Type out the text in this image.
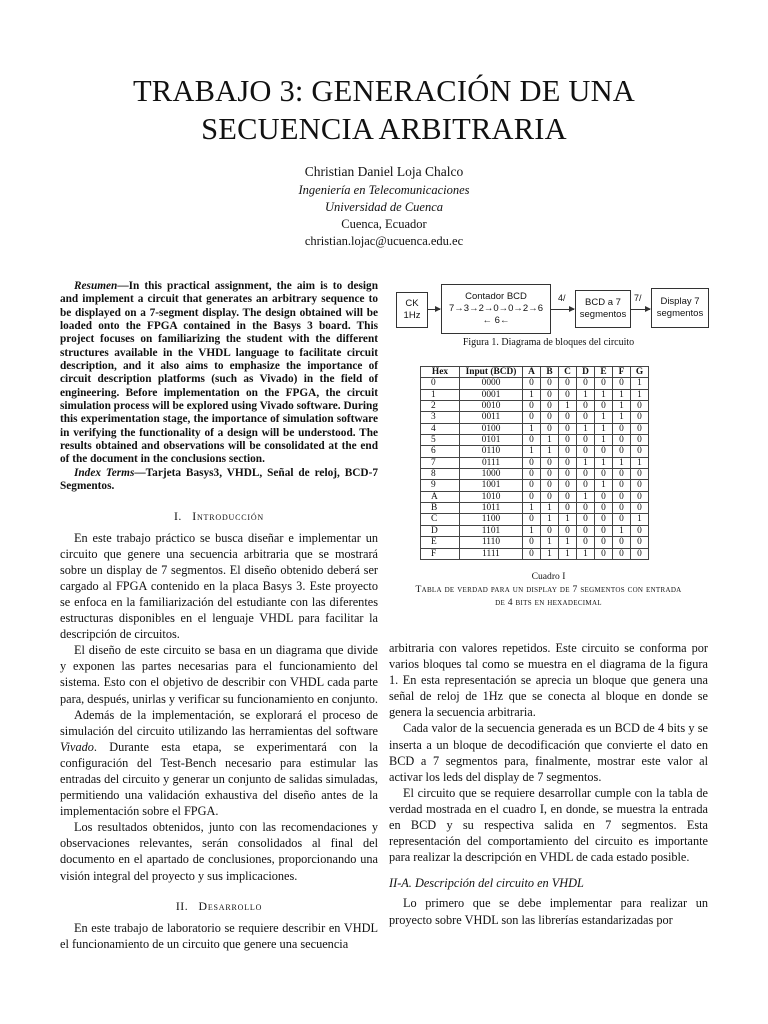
TRABAJO 3: GENERACIÓN DE UNA
SECUENCIA ARBITRARIA
Christian Daniel Loja Chalco
Ingeniería en Telecomunicaciones
Universidad de Cuenca
Cuenca, Ecuador
christian.lojac@ucuenca.edu.ec

Resumen—In this practical assignment, the aim is to design and implement a circuit that generates an arbitrary sequence to be displayed on a 7-segment display. The design obtained will be loaded onto the FPGA contained in the Basys 3 board. This project focuses on familiarizing the student with the different structures available in the VHDL language to facilitate circuit description, and it also aims to emphasize the importance of circuit description platforms (such as Vivado) in the field of engineering. Before implementation on the FPGA, the circuit simulation process will be explored using Vivado software. During this experimentation stage, the importance of simulation software in verifying the functionality of a design will be understood. The results obtained and observations will be consolidated at the end of the document in the conclusions section.

Index Terms—Tarjeta Basys3, VHDL, Señal de reloj, BCD-7 Segmentos.

I. Introducción

En este trabajo práctico se busca diseñar e implementar un circuito que genere una secuencia arbitraria que se mostrará sobre un display de 7 segmentos. El diseño obtenido deberá ser cargado al FPGA contenido en la placa Basys 3. Este proyecto se enfoca en la familiarización del estudiante con las diferentes estructuras disponibles en el lenguaje VHDL para facilitar la descripción de circuitos.

El diseño de este circuito se basa en un diagrama que divide y exponen las partes necesarias para el funcionamiento del sistema. Esto con el objetivo de describir con VHDL cada parte para, después, unirlas y verificar su funcionamiento en conjunto.

Además de la implementación, se explorará el proceso de simulación del circuito utilizando las herramientas del software Vivado. Durante esta etapa, se experimentará con la configuración del Test-Bench necesario para estimular las entradas del circuito y generar un conjunto de salidas simuladas, permitiendo una validación exhaustiva del diseño antes de la implementación sobre el FPGA.

Los resultados obtenidos, junto con las recomendaciones y observaciones relevantes, serán consolidados al final del documento en el apartado de conclusiones, proporcionando una visión integral del proyecto y sus implicaciones.

II. Desarrollo

En este trabajo de laboratorio se requiere describir en VHDL el funcionamiento de un circuito que genere una secuencia

CK
1Hz
Contador BCD
7→3→2→0→0→2→6
← 6←
4/ BCD a 7
segmentos
7/ Display 7
segmentos
Figura 1. Diagrama de bloques del circuito
Hex	Input (BCD)	A	B	C	D	E	F	G
0	0000	0	0	0	0	0	0	1
1	0001	1	0	0	1	1	1	1
2	0010	0	0	1	0	0	1	0
3	0011	0	0	0	0	1	1	0
4	0100	1	0	0	1	1	0	0
5	0101	0	1	0	0	1	0	0
6	0110	1	1	0	0	0	0	0
7	0111	0	0	0	1	1	1	1
8	1000	0	0	0	0	0	0	0
9	1001	0	0	0	0	1	0	0
A	1010	0	0	0	1	0	0	0
B	1011	1	1	0	0	0	0	0
C	1100	0	1	1	0	0	0	1
D	1101	1	0	0	0	0	1	0
E	1110	0	1	1	0	0	0	0
F	1111	0	1	1	1	0	0	0
Cuadro I
Tabla de verdad para un display de 7 segmentos con entrada
de 4 bits en hexadecimal

arbitraria con valores repetidos. Este circuito se conforma por varios bloques tal como se muestra en el diagrama de la figura 1. En esta representación se aprecia un bloque que genera una señal de reloj de 1Hz que se conecta al bloque en donde se genera la secuencia arbitraria.

Cada valor de la secuencia generada es un BCD de 4 bits y se inserta a un bloque de decodificación que convierte el dato en BCD a 7 segmentos para, finalmente, mostrar este valor al activar los leds del display de 7 segmentos.

El circuito que se requiere desarrollar cumple con la tabla de verdad mostrada en el cuadro I, en donde, se muestra la entrada en BCD y su respectiva salida en 7 segmentos. Esta representación del comportamiento del circuito es importante para realizar la descripción en VHDL de cada estado posible.

II-A. Descripción del circuito en VHDL

Lo primero que se debe implementar para realizar un proyecto sobre VHDL son las librerías estandarizadas por
